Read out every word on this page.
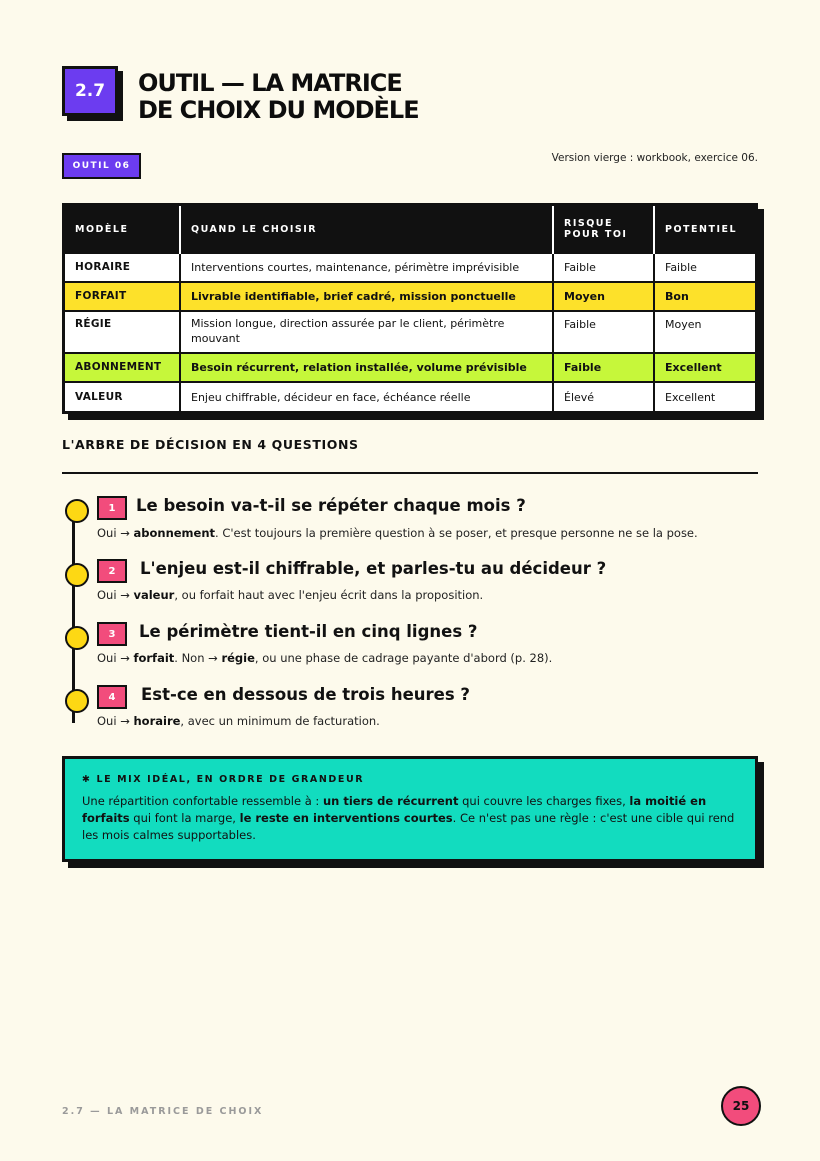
2.7	OUTIL — LA MATRICE
DE CHOIX DU MODÈLE
OUTIL 06
Version vierge : workbook, exercice 06.
MODÈLE	QUAND LE CHOISIR	RISQUE POUR TOI	POTENTIEL
HORAIRE	Interventions courtes, maintenance, périmètre imprévisible	Faible	Faible
FORFAIT	Livrable identifiable, brief cadré, mission ponctuelle	Moyen	Bon
RÉGIE	Mission longue, direction assurée par le client, périmètre mouvant	Faible	Moyen
ABONNEMENT	Besoin récurrent, relation installée, volume prévisible	Faible	Excellent
VALEUR	Enjeu chiffrable, décideur en face, échéance réelle	Élevé	Excellent
L'ARBRE DE DÉCISION EN 4 QUESTIONS
1	Le besoin va-t-il se répéter chaque mois ?
Oui → abonnement. C'est toujours la première question à se poser, et presque personne ne se la pose.
2	L'enjeu est-il chiffrable, et parles-tu au décideur ?
Oui → valeur, ou forfait haut avec l'enjeu écrit dans la proposition.
3	Le périmètre tient-il en cinq lignes ?
Oui → forfait. Non → régie, ou une phase de cadrage payante d'abord (p. 28).
4	Est-ce en dessous de trois heures ?
Oui → horaire, avec un minimum de facturation.
✱ LE MIX IDÉAL, EN ORDRE DE GRANDEUR
Une répartition confortable ressemble à : un tiers de récurrent qui couvre les charges fixes, la moitié en forfaits qui font la marge, le reste en interventions courtes. Ce n'est pas une règle : c'est une cible qui rend les mois calmes supportables.
2.7 — LA MATRICE DE CHOIX	25
